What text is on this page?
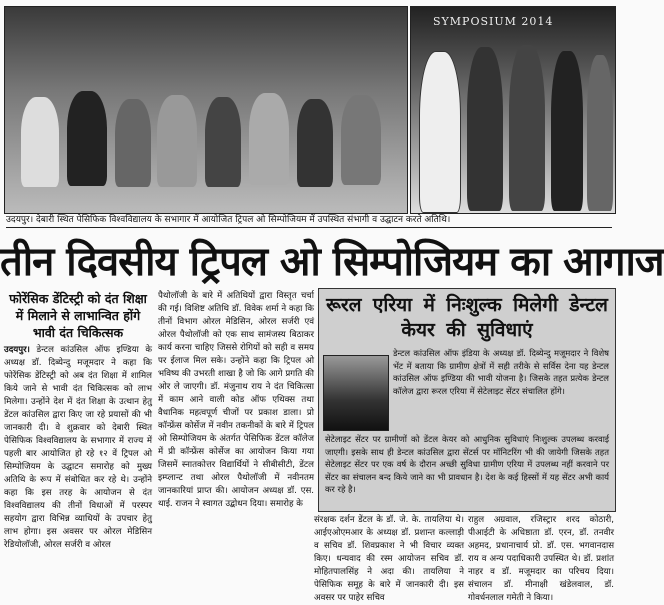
SYMPOSIUM 2014
उदयपुर। देबारी स्थित पेसिफिक विश्वविद्यालय के सभागार में आयोजित ट्रिपल ओ सिम्पोजियम में उपस्थित संभागी व उद्घाटन करते अतिथि।
तीन दिवसीय ट्रिपल ओ सिम्पोजियम का आगाज
फोरेंसिक डेंटिस्ट्री को दंत शिक्षा में मिलाने से लाभान्वित होंगे भावी दंत चिकित्सक
उदयपुर। डेन्टल कांउसिल ऑफ इण्डिया के अध्यक्ष डॉ. दिब्येन्दु मजूमदार ने कहा कि फोरेंसिक डेंटिस्ट्री को अब दंत शिक्षा में शामिल किये जाने से भावी दंत चिकित्सक को लाभ मिलेगा। उन्होंने देश में दंत शिक्षा के उत्थान हेतु डेंटल कांउसिल द्वारा किए जा रहे प्रयासों की भी जानकारी दी। वे शुक्रवार को देबारी स्थित पेसिफिक विश्वविद्यालय के सभागार में राज्य में पहली बार आयोजित हो रहे १२ वें ट्रिपल ओ सिम्पोजियम के उद्घाटन समारोह को मुख्य अतिथि के रूप में संबोधित कर रहे थे। उन्होंने कहा कि इस तरह के आयोजन से दंत विश्वविद्यालय की तीनों विधाओं में परस्पर सहयोग द्वारा विभिन्न व्याधियों के उपचार हेतु लाभ होगा। इस अवसर पर ओरल मेडिसिन रेडियोलॉजी, ओरल सर्जरी व ओरल
पैथोलॉजी के बारे में अतिथियों द्वारा विस्तृत चर्चा की गई। विशिष्ट अतिथि डॉ. विवेक शर्मा ने कहा कि तीनों विभाग ओरल मेडिसिन, ओरल सर्जरी एवं ओरल पैथोलॉजी को एक साथ सामंजस्य बिठाकर कार्य करना चाहिए जिससे रोगियों को सही व समय पर ईलाज मिल सके। उन्होंने कहा कि ट्रिपल ओ भविष्य की उभरती शाखा है जो कि आगे प्रगति की ओर ले जाएगी। डॉ. मंजुनाथ राय ने दंत चिकित्सा में काम आने वाली कोड ऑफ एथिक्स तथा वैधानिक महत्वपूर्ण चीजों पर प्रकाश डाला। प्रो कॉन्फ्रेंस कोर्सेज में नवीन तकनीकों के बारे में ट्रिपल ओ सिम्पोजियम के अंतर्गत पेसिफिक डेंटल कॉलेज में प्री कॉन्फ्रेंस कोर्सेज का आयोजन किया गया जिसमें स्नातकोत्तर विद्यार्थियों ने सीबीसीटी, डेंटल इम्प्लान्ट तथा ओरल पैथोलॉजी में नवीनतम जानकारियां प्राप्त की। आयोजन अध्यक्ष डॉ. एस. थाई. राजन ने स्वागत उद्बोधन दिया। समारोह के
रूरल एरिया में निःशुल्क मिलेगी डेन्टल केयर की सुविधाएं
डेन्टल कांउसिल ऑफ इंडिया के अध्यक्ष डॉ. दिब्येन्दु मजूमदार ने विशेष भेंट में बताया कि ग्रामीण क्षेत्रों में सही तरीके से सर्विस देना यह डेन्टल कांउसिल ऑफ इण्डिया की भावी योजना है। जिसके तहत प्रत्येक डेन्टल कॉलेज द्वारा रूरल एरिया में सेटेलाइट सेंटर संचालित होंगे।
सेटेलाइट सेंटर पर ग्रामीणों को डेंटल केयर को आधुनिक सुविधाएं निःशुल्क उपलब्ध करवाई जाएगी। इसके साथ ही डेन्टल कांउसिल द्वारा सेंटर्स पर मॉनिटरिंग भी की जायेगी जिसके तहत सेटेलाइट सेंटर पर एक वर्ष के दौरान अच्छी सुविधा ग्रामीण एरिया में उपलब्ध नहीं करवाने पर सेंटर का संचालन बन्द किये जाने का भी प्रावधान है। देश के कई हिस्सों में यह सेंटर अभी कार्य कर रहे है।
संरक्षक दर्शन डेंटल के डॉ. जे. के. तायलिया थे। आईएओएमआर के अध्यक्ष डॉ. प्रशान्त कल्लाड़ी व सचिव डॉ. शिवप्रकाश ने भी विचार व्यक्त किए। धन्यवाद की रस्म आयोजन सचिव डॉ. मोहितपालसिंह ने अदा की। तायलिया ने पेसिफिक समूह के बारे में जानकारी दी। इस अवसर पर पाहेर सचिव
राहुल अग्रवाल, रजिस्ट्रार शरद कोठारी, पीआईटी के अधिष्ठाता डॉ. एरन, डॉ. तनवीर अहमद, प्रधानाचार्य प्रो. डॉ. एस. भगवानदास राय व अन्य पदाधिकारी उपस्थित थे। डॉ. प्रशांत नाहर व डॉ. मजूमदार का परिचय दिया। संचालन डॉ. मीनाक्षी खंडेलवाल, डॉ. गोवर्धनलाल गमेती ने किया।
